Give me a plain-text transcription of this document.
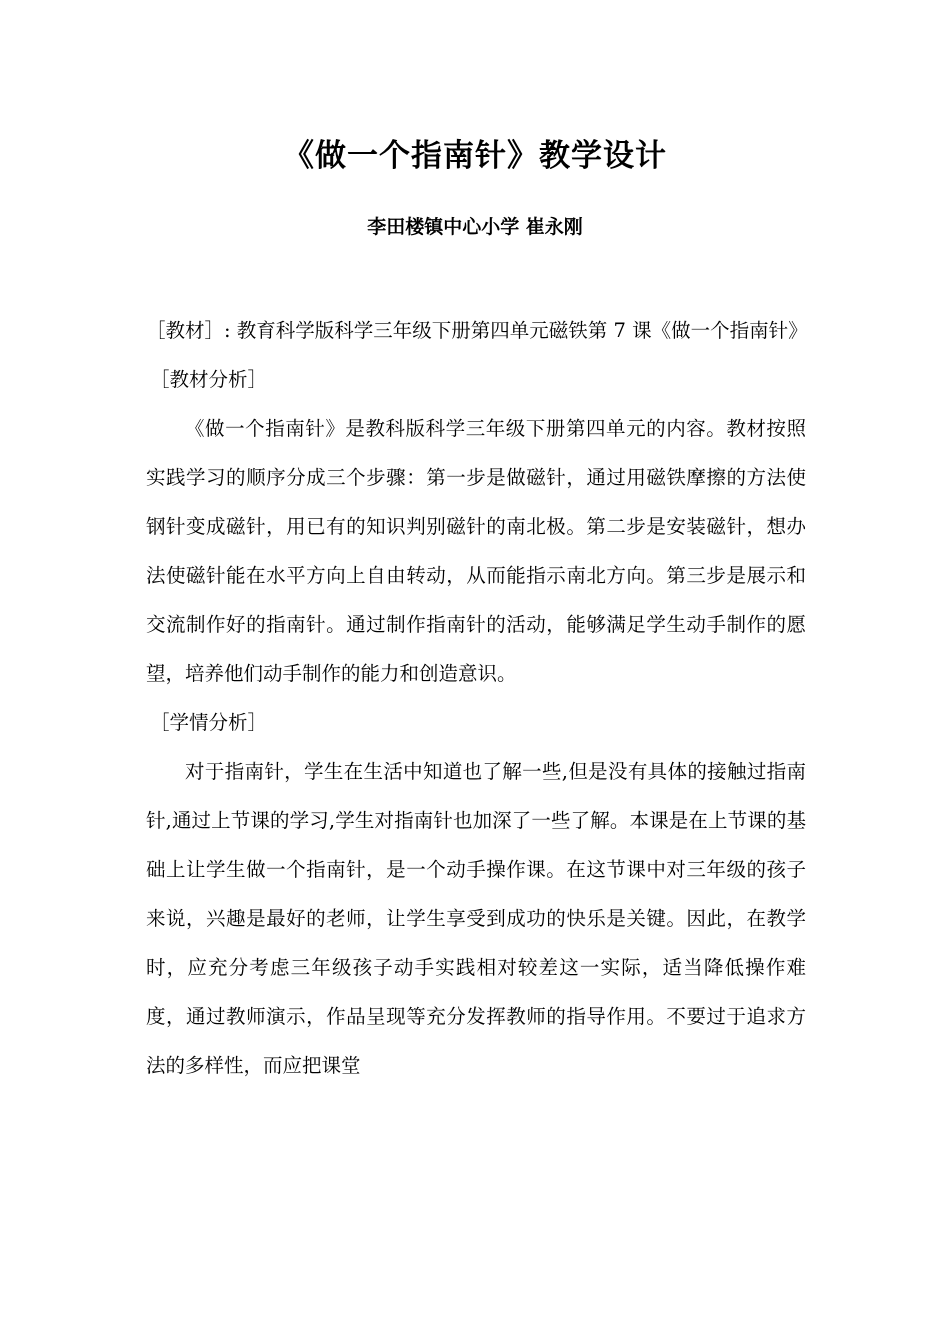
《做一个指南针》教学设计
李田楼镇中心小学 崔永刚

［教材］: 教育科学版科学三年级下册第四单元磁铁第 7 课《做一个指南针》

［教材分析］

《做一个指南针》是教科版科学三年级下册第四单元的内容。教材按照实践学习的顺序分成三个步骤：第一步是做磁针，通过用磁铁摩擦的方法使钢针变成磁针，用已有的知识判别磁针的南北极。第二步是安装磁针，想办法使磁针能在水平方向上自由转动，从而能指示南北方向。第三步是展示和交流制作好的指南针。通过制作指南针的活动，能够满足学生动手制作的愿望，培养他们动手制作的能力和创造意识。

［学情分析］

对于指南针，学生在生活中知道也了解一些,但是没有具体的接触过指南针,通过上节课的学习,学生对指南针也加深了一些了解。本课是在上节课的基础上让学生做一个指南针，是一个动手操作课。在这节课中对三年级的孩子来说，兴趣是最好的老师，让学生享受到成功的快乐是关键。因此，在教学时，应充分考虑三年级孩子动手实践相对较差这一实际，适当降低操作难度，通过教师演示，作品呈现等充分发挥教师的指导作用。不要过于追求方法的多样性，而应把课堂
